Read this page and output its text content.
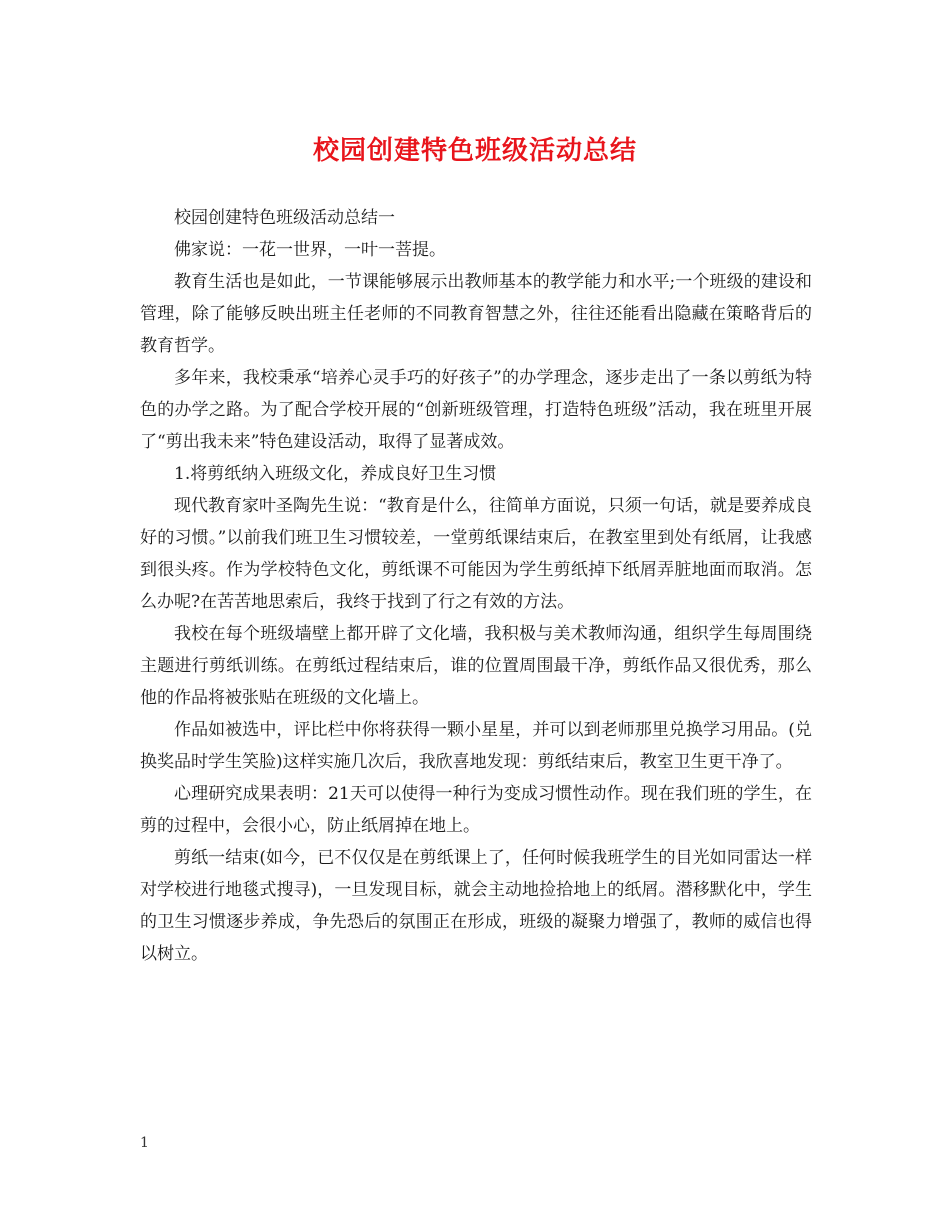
校园创建特色班级活动总结

校园创建特色班级活动总结一

佛家说：一花一世界，一叶一菩提。

教育生活也是如此，一节课能够展示出教师基本的教学能力和水平;一个班级的建设和管理，除了能够反映出班主任老师的不同教育智慧之外，往往还能看出隐藏在策略背后的教育哲学。

多年来，我校秉承“培养心灵手巧的好孩子”的办学理念，逐步走出了一条以剪纸为特色的办学之路。为了配合学校开展的“创新班级管理，打造特色班级”活动，我在班里开展了“剪出我未来”特色建设活动，取得了显著成效。

1.将剪纸纳入班级文化，养成良好卫生习惯

现代教育家叶圣陶先生说：“教育是什么，往简单方面说，只须一句话，就是要养成良好的习惯。”以前我们班卫生习惯较差，一堂剪纸课结束后，在教室里到处有纸屑，让我感到很头疼。作为学校特色文化，剪纸课不可能因为学生剪纸掉下纸屑弄脏地面而取消。怎么办呢?在苦苦地思索后，我终于找到了行之有效的方法。

我校在每个班级墙壁上都开辟了文化墙，我积极与美术教师沟通，组织学生每周围绕主题进行剪纸训练。在剪纸过程结束后，谁的位置周围最干净，剪纸作品又很优秀，那么他的作品将被张贴在班级的文化墙上。

作品如被选中，评比栏中你将获得一颗小星星，并可以到老师那里兑换学习用品。(兑换奖品时学生笑脸)这样实施几次后，我欣喜地发现：剪纸结束后，教室卫生更干净了。

心理研究成果表明：21天可以使得一种行为变成习惯性动作。现在我们班的学生，在剪的过程中，会很小心，防止纸屑掉在地上。

剪纸一结束(如今，已不仅仅是在剪纸课上了，任何时候我班学生的目光如同雷达一样对学校进行地毯式搜寻)，一旦发现目标，就会主动地捡拾地上的纸屑。潜移默化中，学生的卫生习惯逐步养成，争先恐后的氛围正在形成，班级的凝聚力增强了，教师的威信也得以树立。

1
